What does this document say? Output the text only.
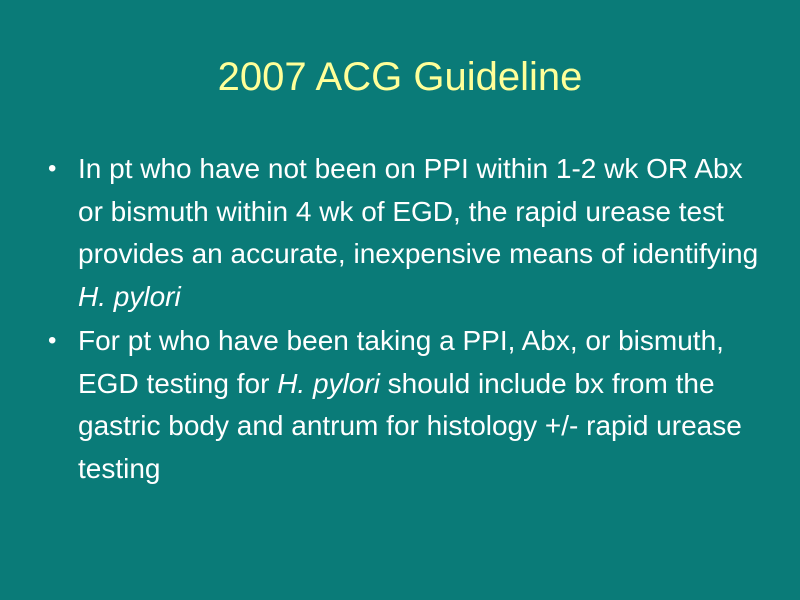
2007 ACG Guideline
• In pt who have not been on PPI within 1-2 wk OR Abx or bismuth within 4 wk of EGD, the rapid urease test provides an accurate, inexpensive means of identifying H. pylori
• For pt who have been taking a PPI, Abx, or bismuth, EGD testing for H. pylori should include bx from the gastric body and antrum for histology +/- rapid urease testing
